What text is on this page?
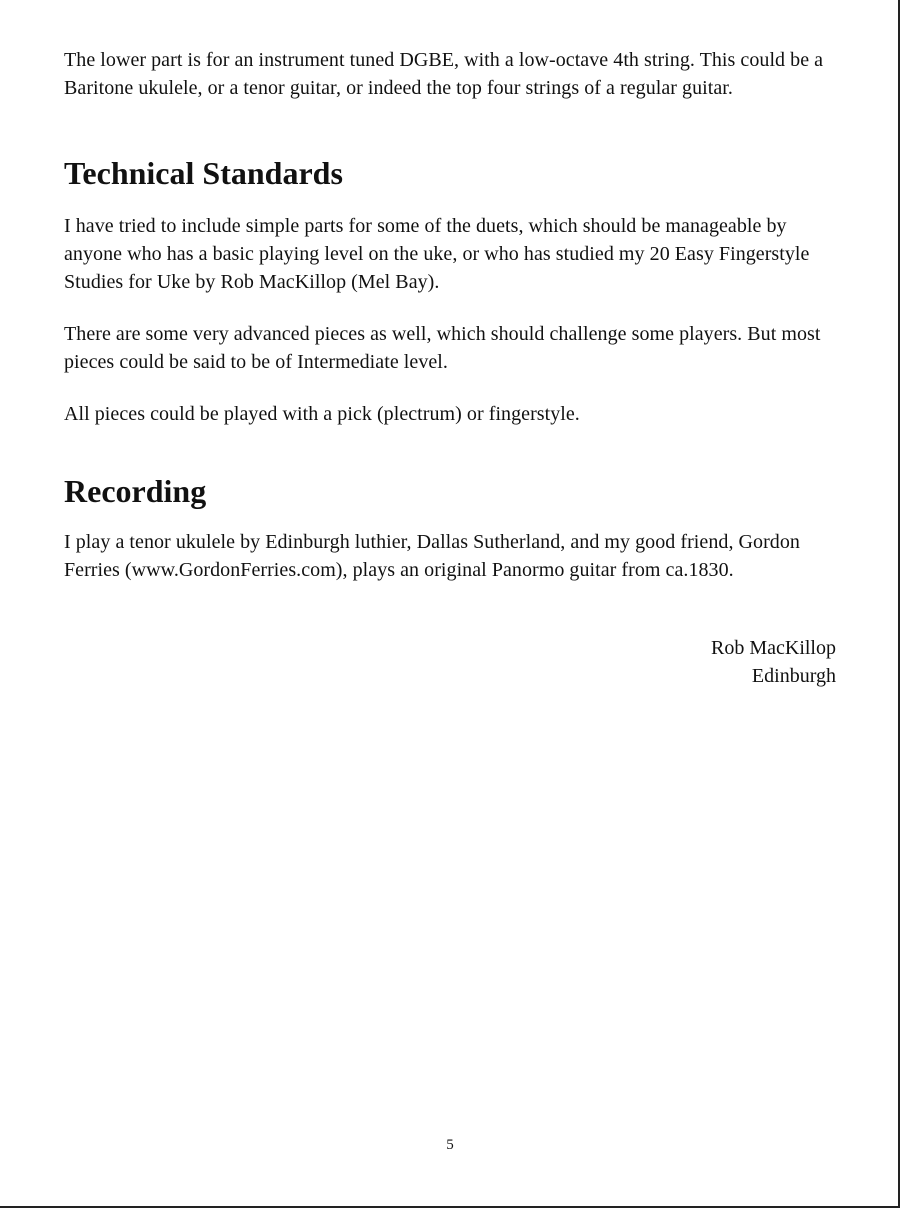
The lower part is for an instrument tuned DGBE, with a low-octave 4th string. This could be a Baritone ukulele, or a tenor guitar, or indeed the top four strings of a regular guitar.

Technical Standards

I have tried to include simple parts for some of the duets, which should be manageable by anyone who has a basic playing level on the uke, or who has studied my 20 Easy Fingerstyle Studies for Uke by Rob MacKillop (Mel Bay).

There are some very advanced pieces as well, which should challenge some players. But most pieces could be said to be of Intermediate level.

All pieces could be played with a pick (plectrum) or fingerstyle.

Recording

I play a tenor ukulele by Edinburgh luthier, Dallas Sutherland, and my good friend, Gordon Ferries (www.GordonFerries.com), plays an original Panormo guitar from ca.1830.

Rob MacKillop
Edinburgh
5
